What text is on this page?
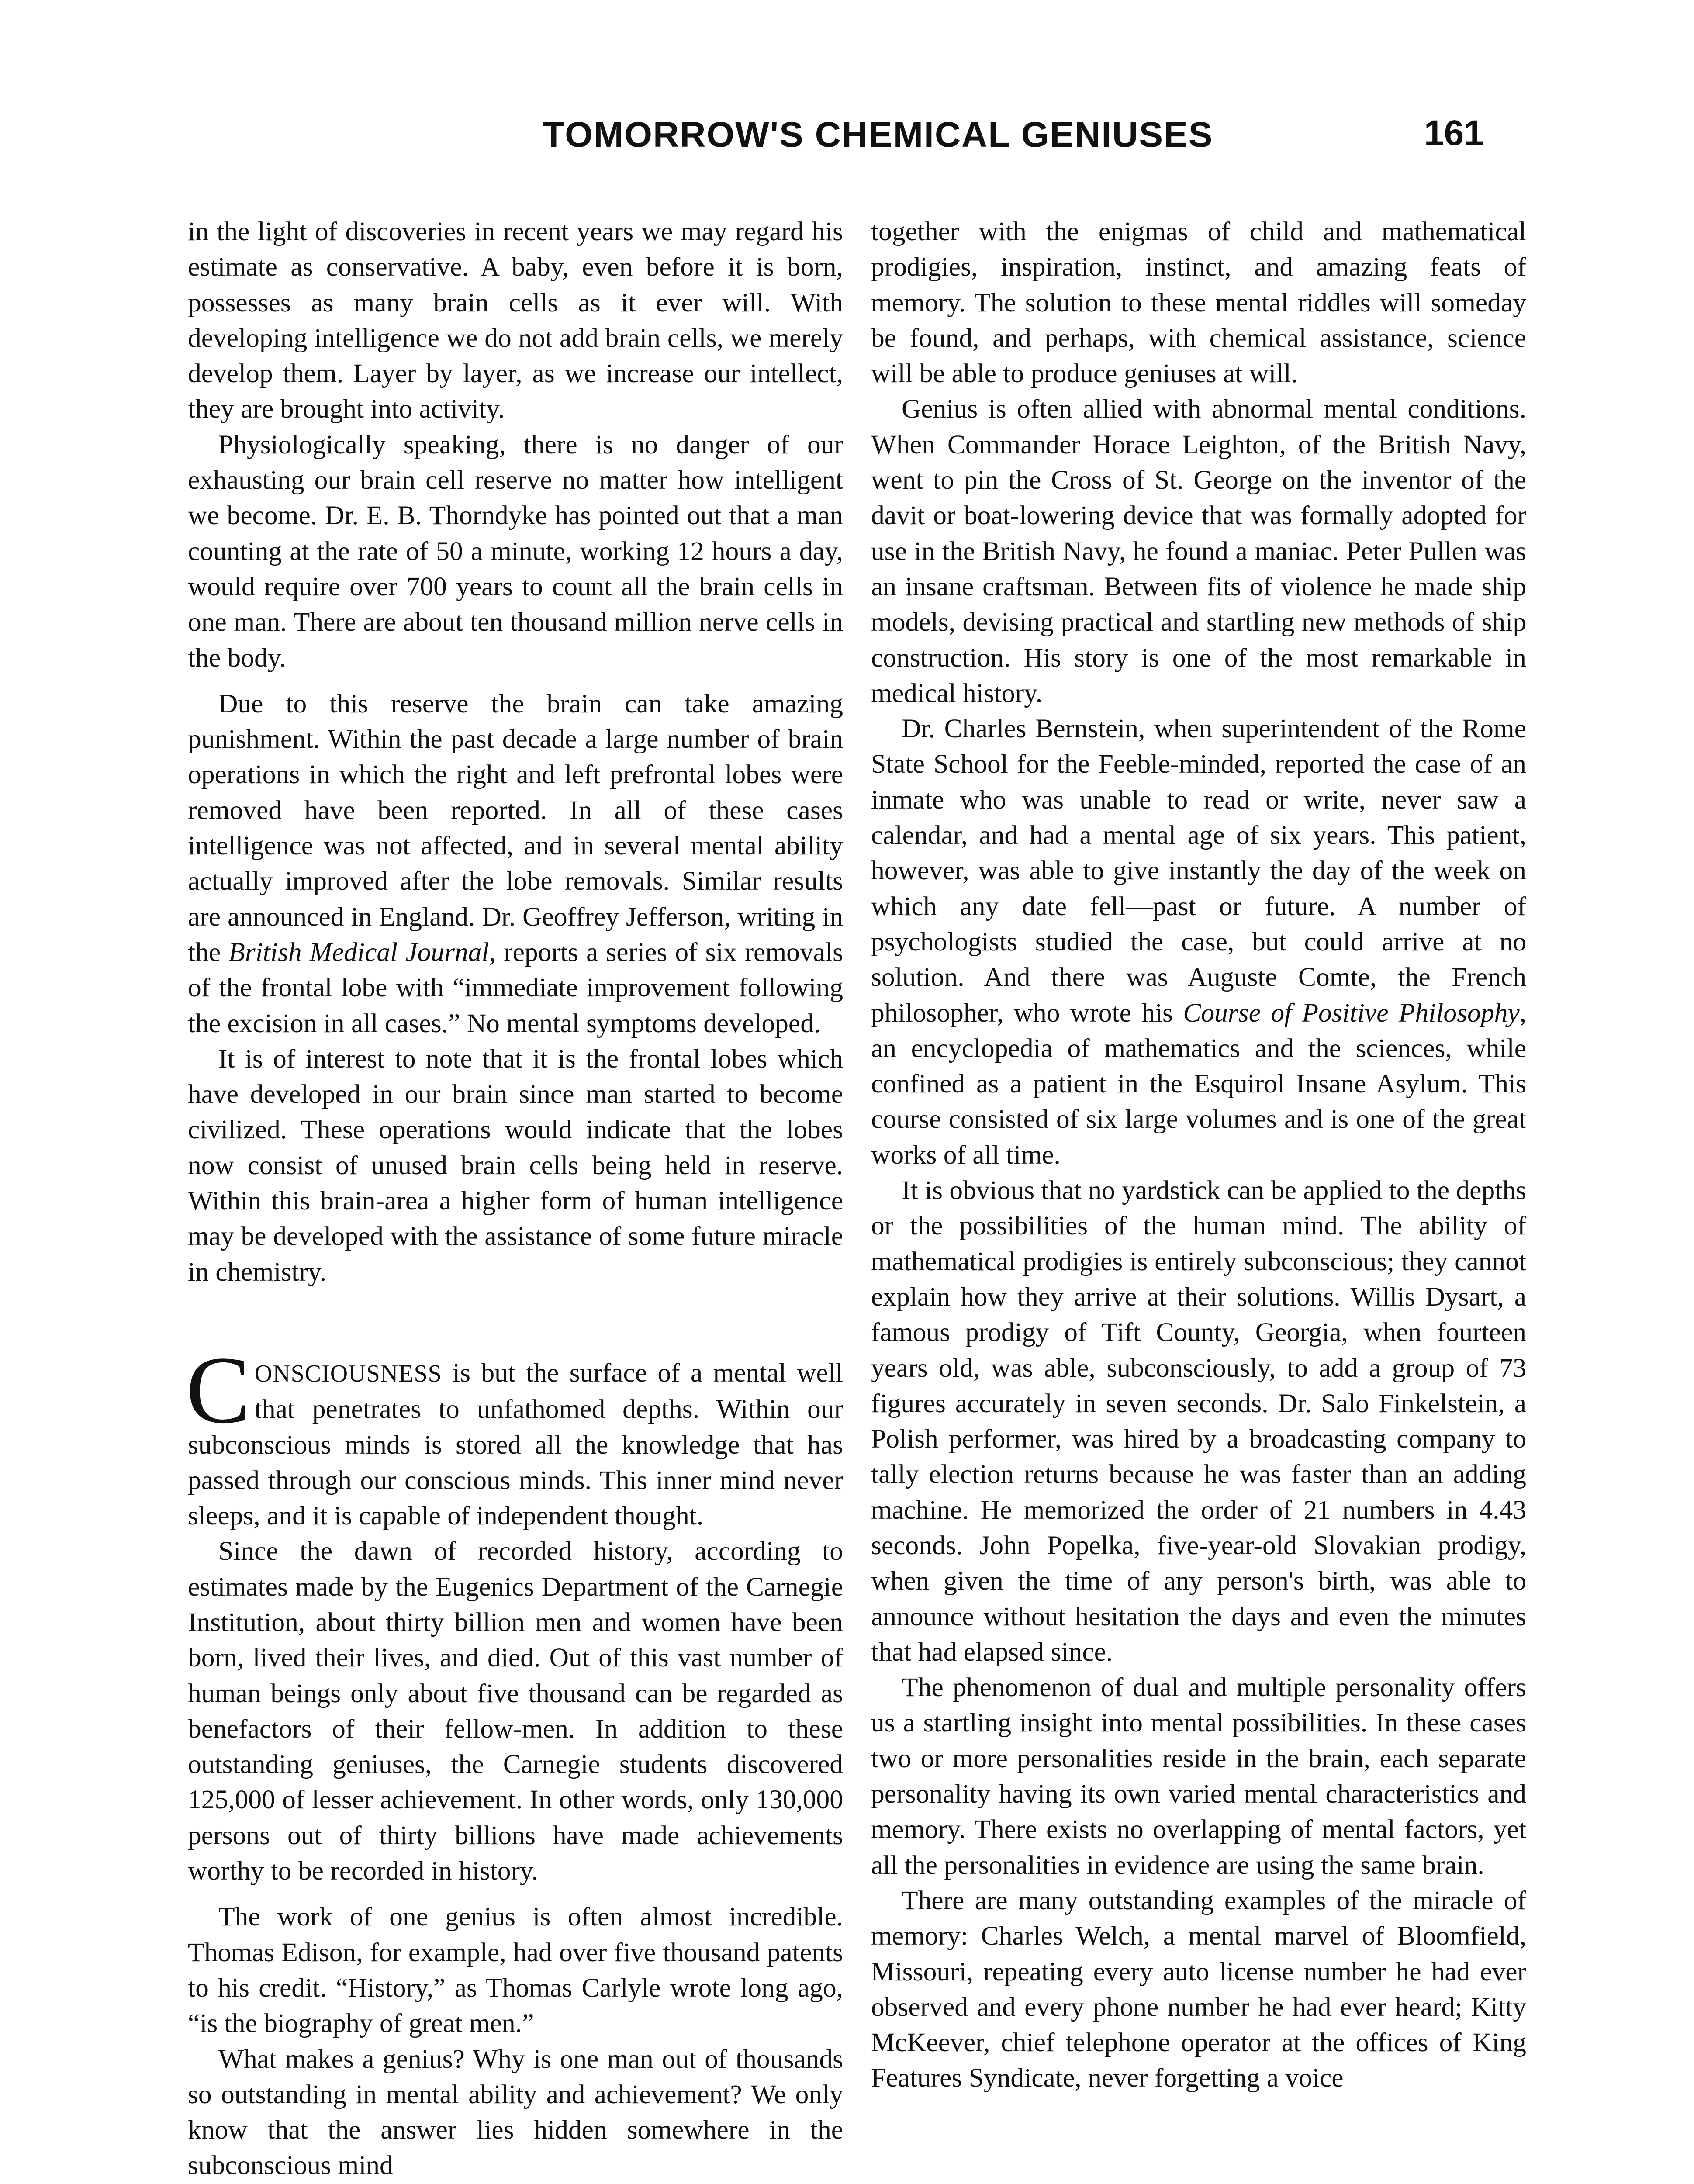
TOMORROW'S CHEMICAL GENIUSES	161

in the light of discoveries in recent years we may regard his estimate as conservative. A baby, even before it is born, possesses as many brain cells as it ever will. With developing intelligence we do not add brain cells, we merely develop them. Layer by layer, as we increase our intellect, they are brought into activity.

Physiologically speaking, there is no danger of our exhausting our brain cell reserve no matter how intelligent we become. Dr. E. B. Thorndyke has pointed out that a man counting at the rate of 50 a minute, working 12 hours a day, would require over 700 years to count all the brain cells in one man. There are about ten thousand million nerve cells in the body.

Due to this reserve the brain can take amazing punishment. Within the past decade a large number of brain operations in which the right and left prefrontal lobes were removed have been reported. In all of these cases intelligence was not affected, and in several mental ability actually improved after the lobe removals. Similar results are announced in England. Dr. Geoffrey Jefferson, writing in the British Medical Journal, reports a series of six removals of the frontal lobe with “immediate improvement following the excision in all cases.” No mental symptoms developed.

It is of interest to note that it is the frontal lobes which have developed in our brain since man started to become civilized. These operations would indicate that the lobes now consist of unused brain cells being held in reserve. Within this brain-area a higher form of human intelligence may be developed with the assistance of some future miracle in chemistry.

CONSCIOUSNESS is but the surface of a mental well that penetrates to unfathomed depths. Within our subconscious minds is stored all the knowledge that has passed through our conscious minds. This inner mind never sleeps, and it is capable of independent thought.

Since the dawn of recorded history, according to estimates made by the Eugenics Department of the Carnegie Institution, about thirty billion men and women have been born, lived their lives, and died. Out of this vast number of human beings only about five thousand can be regarded as benefactors of their fellow-men. In addition to these outstanding geniuses, the Carnegie students discovered 125,000 of lesser achievement. In other words, only 130,000 persons out of thirty billions have made achievements worthy to be recorded in history.

The work of one genius is often almost incredible. Thomas Edison, for example, had over five thousand patents to his credit. “History,” as Thomas Carlyle wrote long ago, “is the biography of great men.”

What makes a genius? Why is one man out of thousands so outstanding in mental ability and achievement? We only know that the answer lies hidden somewhere in the subconscious mind

together with the enigmas of child and mathematical prodigies, inspiration, instinct, and amazing feats of memory. The solution to these mental riddles will someday be found, and perhaps, with chemical assistance, science will be able to produce geniuses at will.

Genius is often allied with abnormal mental conditions. When Commander Horace Leighton, of the British Navy, went to pin the Cross of St. George on the inventor of the davit or boat-lowering device that was formally adopted for use in the British Navy, he found a maniac. Peter Pullen was an insane craftsman. Between fits of violence he made ship models, devising practical and startling new methods of ship construction. His story is one of the most remarkable in medical history.

Dr. Charles Bernstein, when superintendent of the Rome State School for the Feeble-minded, reported the case of an inmate who was unable to read or write, never saw a calendar, and had a mental age of six years. This patient, however, was able to give instantly the day of the week on which any date fell—past or future. A number of psychologists studied the case, but could arrive at no solution. And there was Auguste Comte, the French philosopher, who wrote his Course of Positive Philosophy, an encyclopedia of mathematics and the sciences, while confined as a patient in the Esquirol Insane Asylum. This course consisted of six large volumes and is one of the great works of all time.

It is obvious that no yardstick can be applied to the depths or the possibilities of the human mind. The ability of mathematical prodigies is entirely subconscious; they cannot explain how they arrive at their solutions. Willis Dysart, a famous prodigy of Tift County, Georgia, when fourteen years old, was able, subconsciously, to add a group of 73 figures accurately in seven seconds. Dr. Salo Finkelstein, a Polish performer, was hired by a broadcasting company to tally election returns because he was faster than an adding machine. He memorized the order of 21 numbers in 4.43 seconds. John Popelka, five-year-old Slovakian prodigy, when given the time of any person's birth, was able to announce without hesitation the days and even the minutes that had elapsed since.

The phenomenon of dual and multiple personality offers us a startling insight into mental possibilities. In these cases two or more personalities reside in the brain, each separate personality having its own varied mental characteristics and memory. There exists no overlapping of mental factors, yet all the personalities in evidence are using the same brain.

There are many outstanding examples of the miracle of memory: Charles Welch, a mental marvel of Bloomfield, Missouri, repeating every auto license number he had ever observed and every phone number he had ever heard; Kitty McKeever, chief telephone operator at the offices of King Features Syndicate, never forgetting a voice
